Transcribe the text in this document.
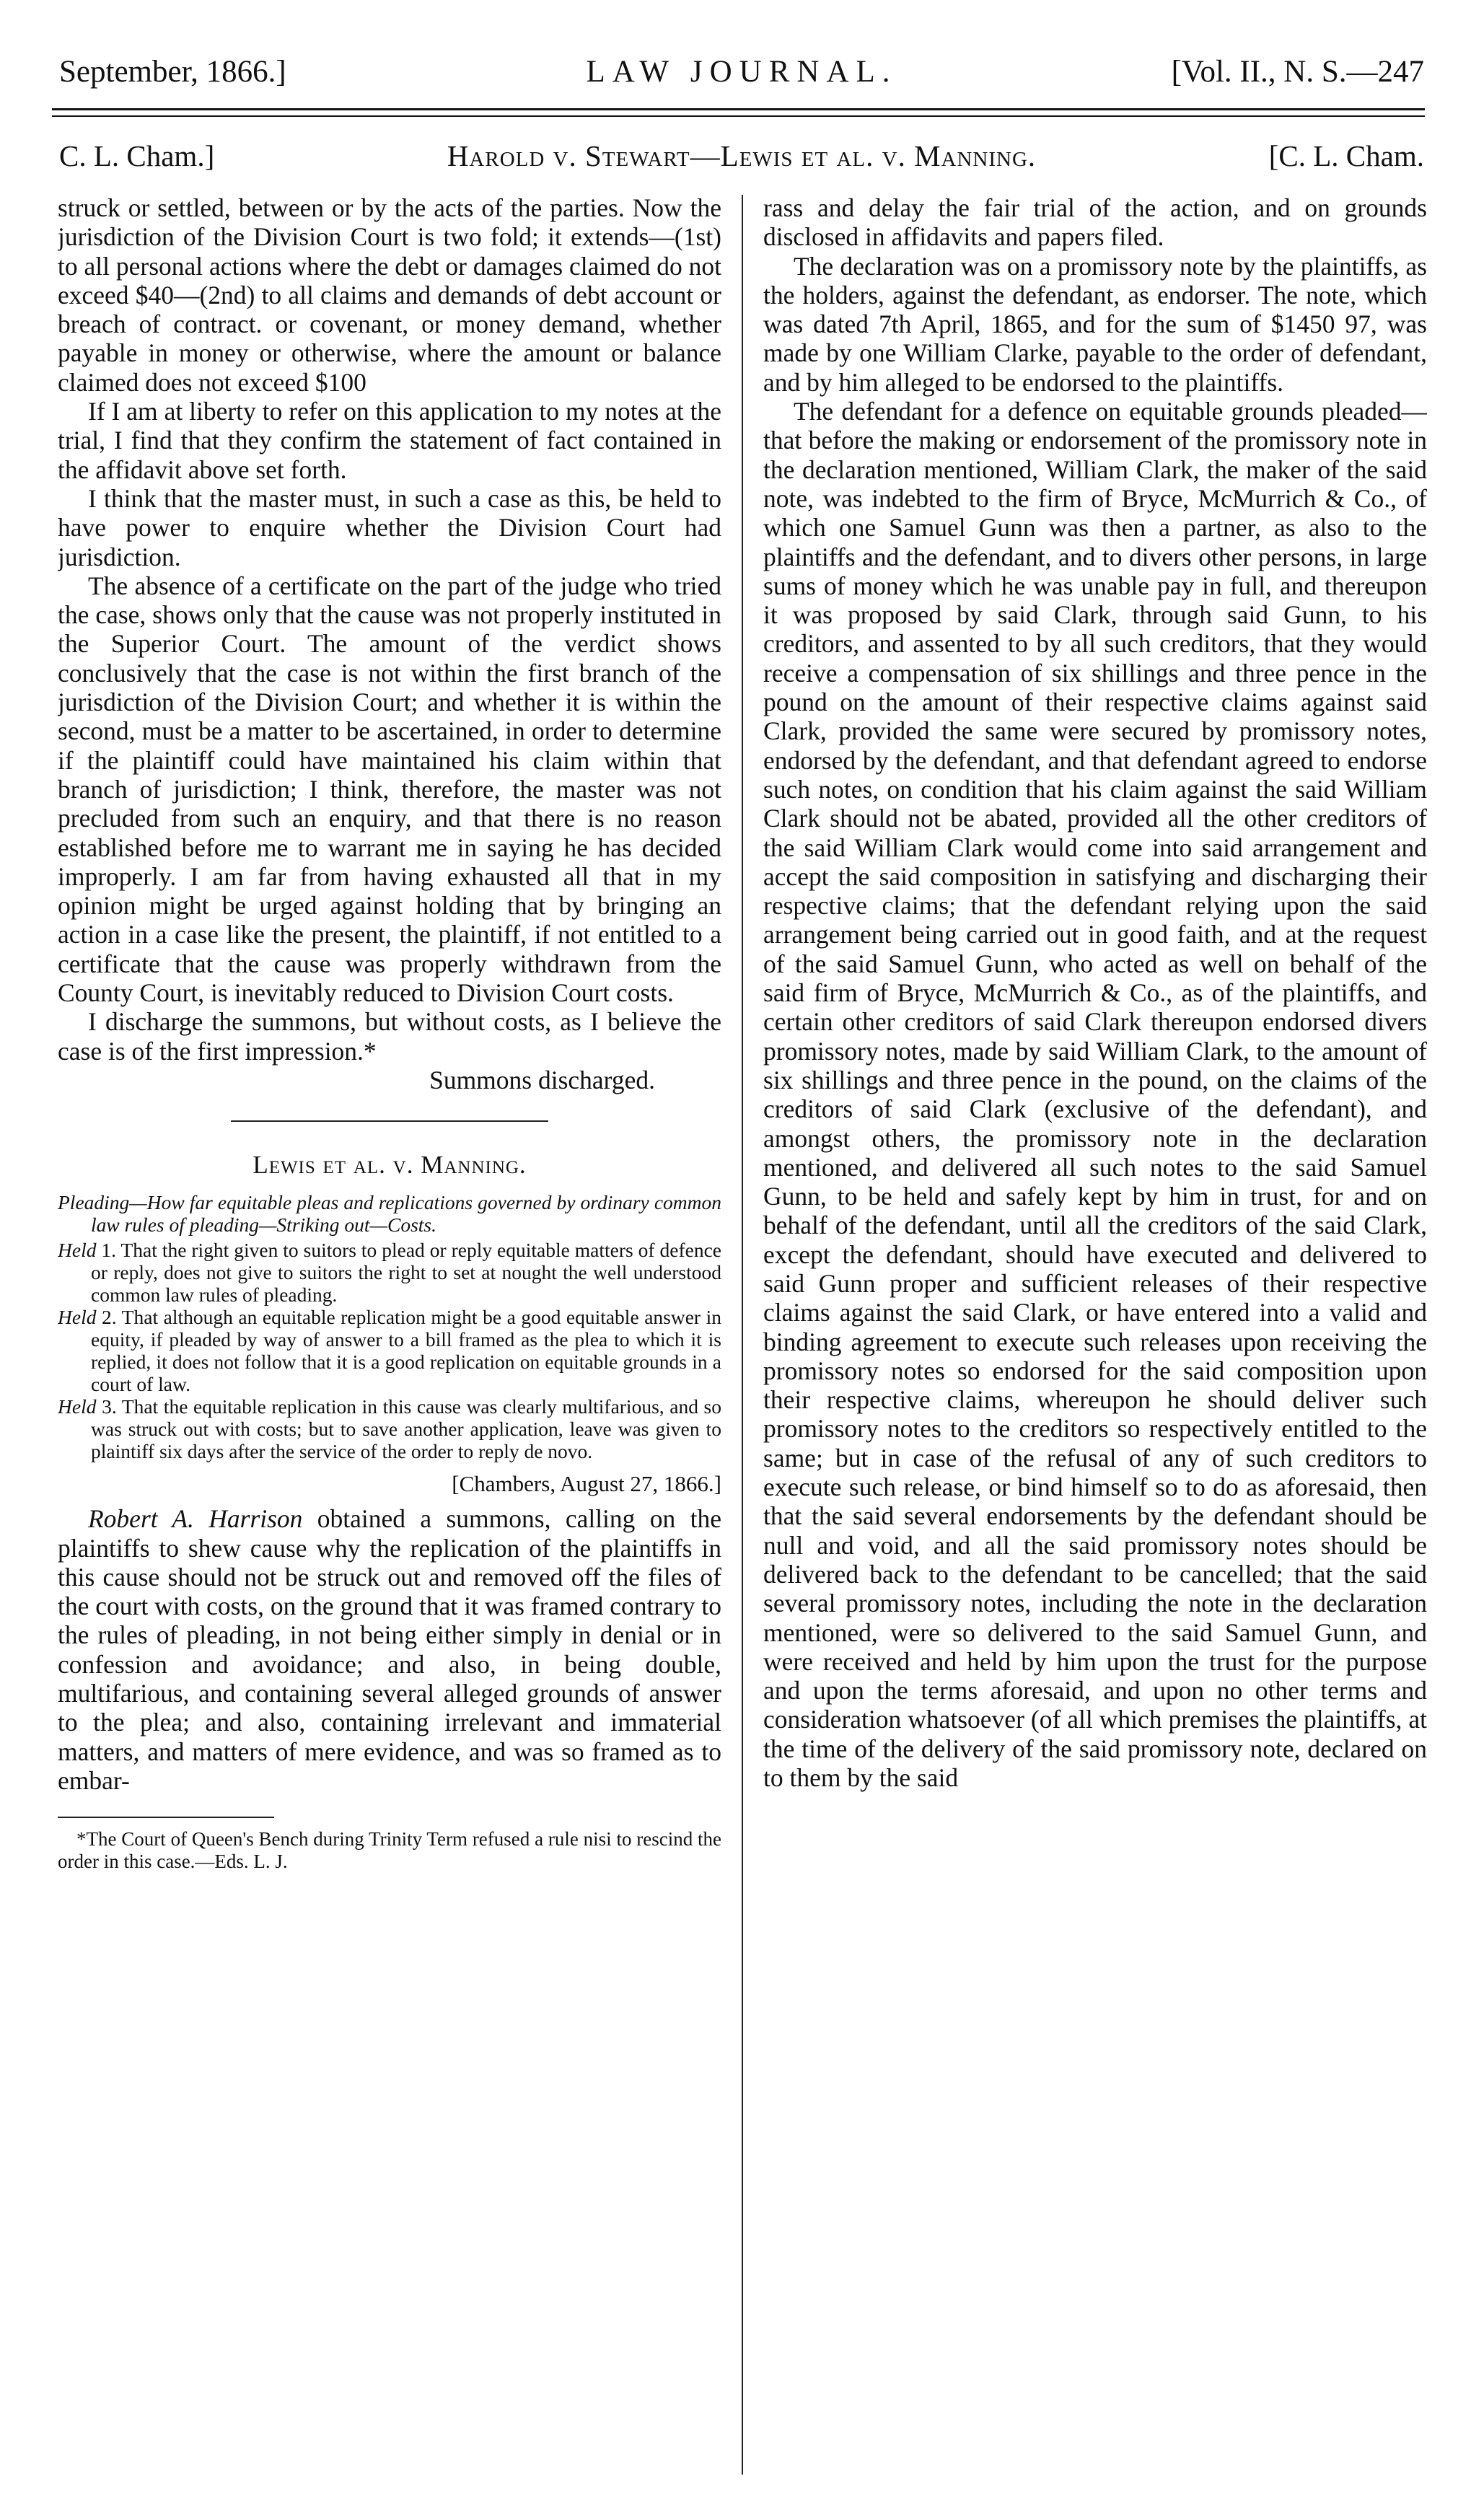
September, 1866.]	LAW JOURNAL.	[Vol. II., N. S.—247
C. L. Cham.]	Harold v. Stewart—Lewis et al. v. Manning.	[C. L. Cham.

struck or settled, between or by the acts of the parties. Now the jurisdiction of the Division Court is two fold; it extends—(1st) to all personal actions where the debt or damages claimed do not exceed $40—(2nd) to all claims and demands of debt account or breach of contract. or covenant, or money demand, whether payable in money or otherwise, where the amount or balance claimed does not exceed $100

If I am at liberty to refer on this application to my notes at the trial, I find that they confirm the statement of fact contained in the affidavit above set forth.

I think that the master must, in such a case as this, be held to have power to enquire whether the Division Court had jurisdiction.

The absence of a certificate on the part of the judge who tried the case, shows only that the cause was not properly instituted in the Superior Court. The amount of the verdict shows conclusively that the case is not within the first branch of the jurisdiction of the Division Court; and whether it is within the second, must be a matter to be ascertained, in order to determine if the plaintiff could have maintained his claim within that branch of jurisdiction; I think, therefore, the master was not precluded from such an enquiry, and that there is no reason established before me to warrant me in saying he has decided improperly. I am far from having exhausted all that in my opinion might be urged against holding that by bringing an action in a case like the present, the plaintiff, if not entitled to a certificate that the cause was properly withdrawn from the County Court, is inevitably reduced to Division Court costs.

I discharge the summons, but without costs, as I believe the case is of the first impression.*

Summons discharged.

Lewis et al. v. Manning.

Pleading—How far equitable pleas and replications governed by ordinary common law rules of pleading—Striking out—Costs.

Held 1. That the right given to suitors to plead or reply equitable matters of defence or reply, does not give to suitors the right to set at nought the well understood common law rules of pleading.

Held 2. That although an equitable replication might be a good equitable answer in equity, if pleaded by way of answer to a bill framed as the plea to which it is replied, it does not follow that it is a good replication on equitable grounds in a court of law.

Held 3. That the equitable replication in this cause was clearly multifarious, and so was struck out with costs; but to save another application, leave was given to plaintiff six days after the service of the order to reply de novo.

[Chambers, August 27, 1866.]

Robert A. Harrison obtained a summons, calling on the plaintiffs to shew cause why the replication of the plaintiffs in this cause should not be struck out and removed off the files of the court with costs, on the ground that it was framed contrary to the rules of pleading, in not being either simply in denial or in confession and avoidance; and also, in being double, multifarious, and containing several alleged grounds of answer to the plea; and also, containing irrelevant and immaterial matters, and matters of mere evidence, and was so framed as to embar-

*The Court of Queen's Bench during Trinity Term refused a rule nisi to rescind the order in this case.—Eds. L. J.

rass and delay the fair trial of the action, and on grounds disclosed in affidavits and papers filed.

The declaration was on a promissory note by the plaintiffs, as the holders, against the defendant, as endorser. The note, which was dated 7th April, 1865, and for the sum of $1450 97, was made by one William Clarke, payable to the order of defendant, and by him alleged to be endorsed to the plaintiffs.

The defendant for a defence on equitable grounds pleaded—that before the making or endorsement of the promissory note in the declaration mentioned, William Clark, the maker of the said note, was indebted to the firm of Bryce, McMurrich & Co., of which one Samuel Gunn was then a partner, as also to the plaintiffs and the defendant, and to divers other persons, in large sums of money which he was unable pay in full, and thereupon it was proposed by said Clark, through said Gunn, to his creditors, and assented to by all such creditors, that they would receive a compensation of six shillings and three pence in the pound on the amount of their respective claims against said Clark, provided the same were secured by promissory notes, endorsed by the defendant, and that defendant agreed to endorse such notes, on condition that his claim against the said William Clark should not be abated, provided all the other creditors of the said William Clark would come into said arrangement and accept the said composition in satisfying and discharging their respective claims; that the defendant relying upon the said arrangement being carried out in good faith, and at the request of the said Samuel Gunn, who acted as well on behalf of the said firm of Bryce, McMurrich & Co., as of the plaintiffs, and certain other creditors of said Clark thereupon endorsed divers promissory notes, made by said William Clark, to the amount of six shillings and three pence in the pound, on the claims of the creditors of said Clark (exclusive of the defendant), and amongst others, the promissory note in the declaration mentioned, and delivered all such notes to the said Samuel Gunn, to be held and safely kept by him in trust, for and on behalf of the defendant, until all the creditors of the said Clark, except the defendant, should have executed and delivered to said Gunn proper and sufficient releases of their respective claims against the said Clark, or have entered into a valid and binding agreement to execute such releases upon receiving the promissory notes so endorsed for the said composition upon their respective claims, whereupon he should deliver such promissory notes to the creditors so respectively entitled to the same; but in case of the refusal of any of such creditors to execute such release, or bind himself so to do as aforesaid, then that the said several endorsements by the defendant should be null and void, and all the said promissory notes should be delivered back to the defendant to be cancelled; that the said several promissory notes, including the note in the declaration mentioned, were so delivered to the said Samuel Gunn, and were received and held by him upon the trust for the purpose and upon the terms aforesaid, and upon no other terms and consideration whatsoever (of all which premises the plaintiffs, at the time of the delivery of the said promissory note, declared on to them by the said
